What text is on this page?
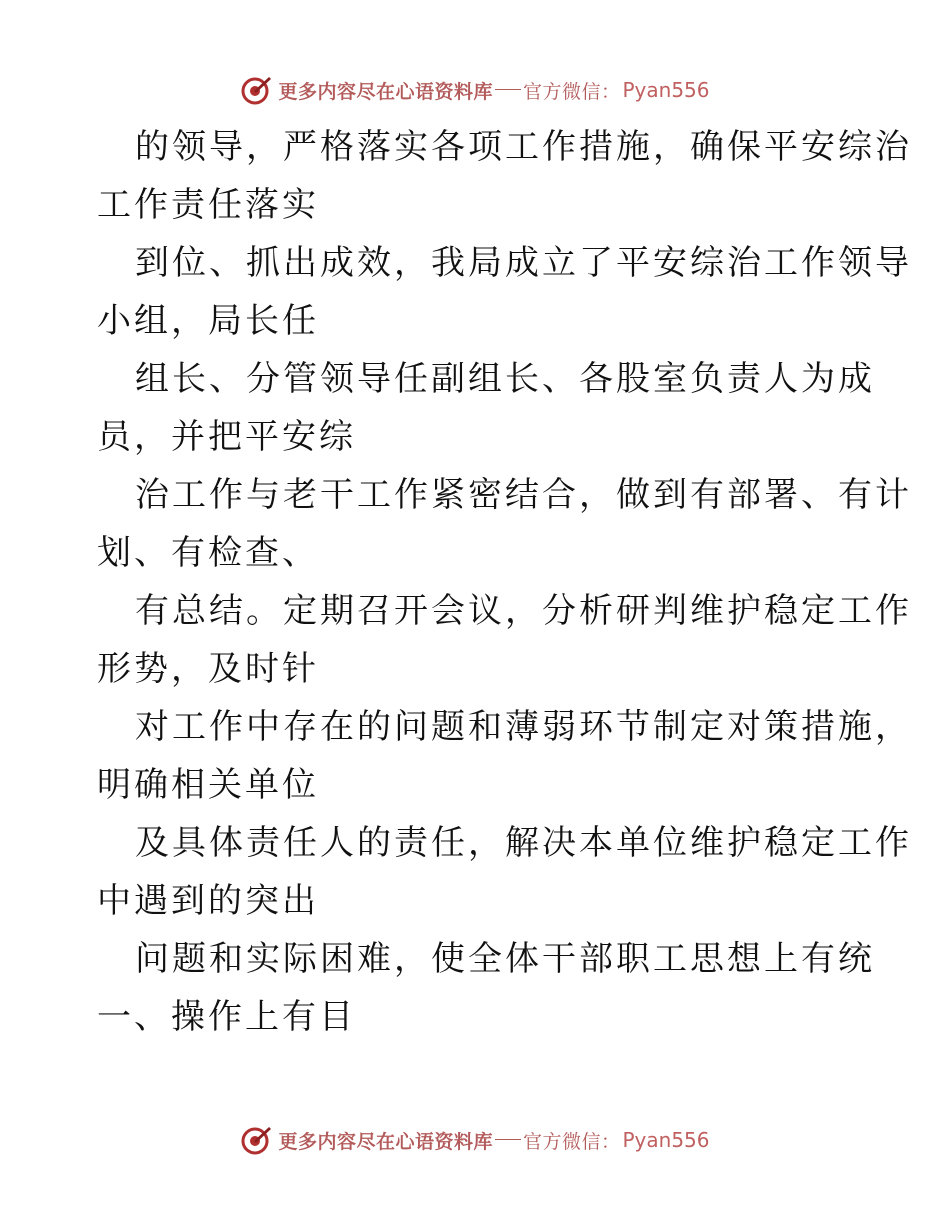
更多内容尽在心语资料库 官方微信： Pyan556

的领导，严格落实各项工作措施，确保平安综治
工作责任落实

到位、抓出成效，我局成立了平安综治工作领导
小组，局长任

组长、分管领导任副组长、各股室负责人为成
员，并把平安综

治工作与老干工作紧密结合，做到有部署、有计
划、有检查、

有总结。定期召开会议，分析研判维护稳定工作
形势，及时针

对工作中存在的问题和薄弱环节制定对策措施，
明确相关单位

及具体责任人的责任，解决本单位维护稳定工作
中遇到的突出

问题和实际困难，使全体干部职工思想上有统
一、操作上有目

更多内容尽在心语资料库 官方微信： Pyan556
